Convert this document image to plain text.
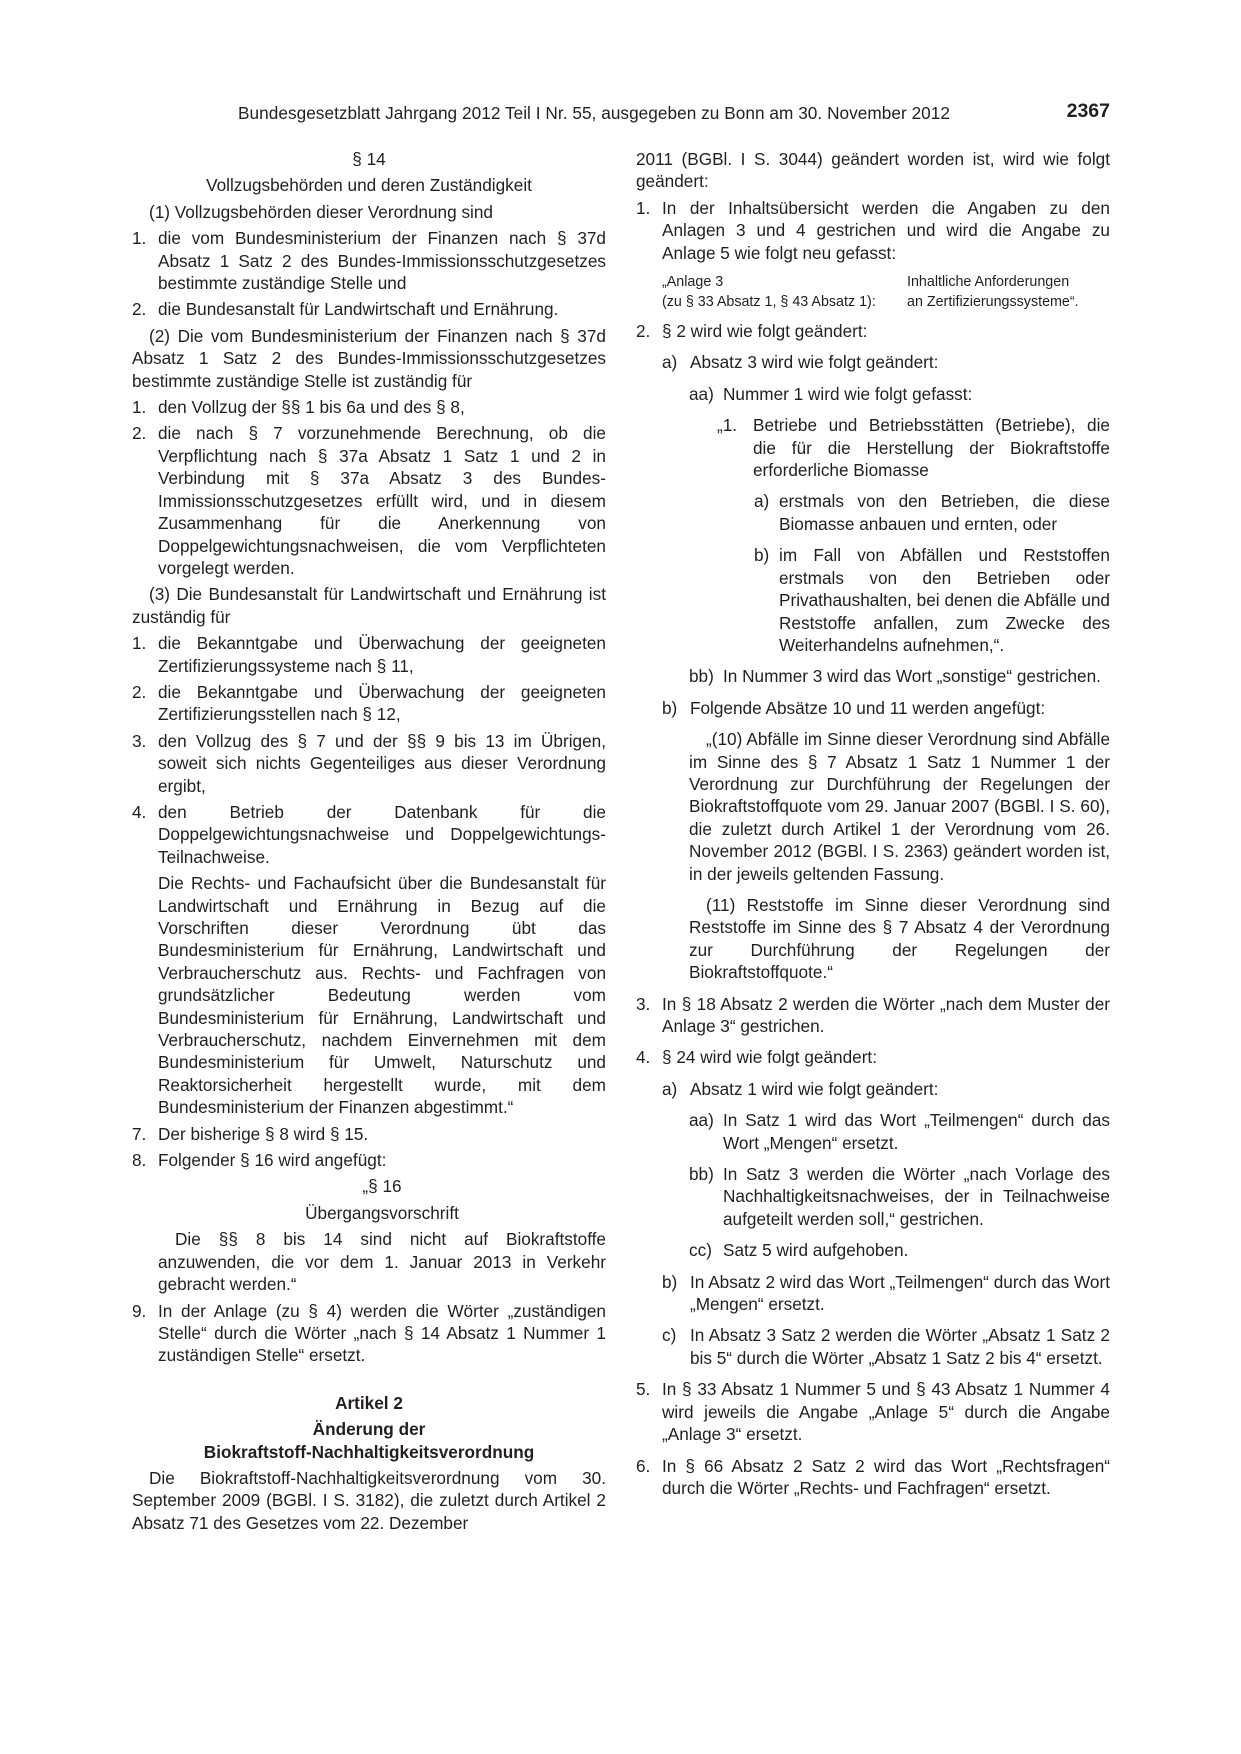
Bundesgesetzblatt Jahrgang 2012 Teil I Nr. 55, ausgegeben zu Bonn am 30. November 2012	2367

§ 14

Vollzugsbehörden und deren Zuständigkeit

(1) Vollzugsbehörden dieser Verordnung sind

1. die vom Bundesministerium der Finanzen nach § 37d Absatz 1 Satz 2 des Bundes-Immissionsschutzgesetzes bestimmte zuständige Stelle und
2. die Bundesanstalt für Landwirtschaft und Ernährung.

(2) Die vom Bundesministerium der Finanzen nach § 37d Absatz 1 Satz 2 des Bundes-Immissionsschutzgesetzes bestimmte zuständige Stelle ist zuständig für

1. den Vollzug der §§ 1 bis 6a und des § 8,
2. die nach § 7 vorzunehmende Berechnung, ob die Verpflichtung nach § 37a Absatz 1 Satz 1 und 2 in Verbindung mit § 37a Absatz 3 des Bundes-Immissionsschutzgesetzes erfüllt wird, und in diesem Zusammenhang für die Anerkennung von Doppelgewichtungsnachweisen, die vom Verpflichteten vorgelegt werden.

(3) Die Bundesanstalt für Landwirtschaft und Ernährung ist zuständig für

1. die Bekanntgabe und Überwachung der geeigneten Zertifizierungssysteme nach § 11,
2. die Bekanntgabe und Überwachung der geeigneten Zertifizierungsstellen nach § 12,
3. den Vollzug des § 7 und der §§ 9 bis 13 im Übrigen, soweit sich nichts Gegenteiliges aus dieser Verordnung ergibt,
4. den Betrieb der Datenbank für die Doppelgewichtungsnachweise und Doppelgewichtungs-Teilnachweise.

Die Rechts- und Fachaufsicht über die Bundesanstalt für Landwirtschaft und Ernährung in Bezug auf die Vorschriften dieser Verordnung übt das Bundesministerium für Ernährung, Landwirtschaft und Verbraucherschutz aus. Rechts- und Fachfragen von grundsätzlicher Bedeutung werden vom Bundesministerium für Ernährung, Landwirtschaft und Verbraucherschutz, nachdem Einvernehmen mit dem Bundesministerium für Umwelt, Naturschutz und Reaktorsicherheit hergestellt wurde, mit dem Bundesministerium der Finanzen abgestimmt.“

7. Der bisherige § 8 wird § 15.
8. Folgender § 16 wird angefügt:

„§ 16

Übergangsvorschrift

Die §§ 8 bis 14 sind nicht auf Biokraftstoffe anzuwenden, die vor dem 1. Januar 2013 in Verkehr gebracht werden.“

9. In der Anlage (zu § 4) werden die Wörter „zuständigen Stelle“ durch die Wörter „nach § 14 Absatz 1 Nummer 1 zuständigen Stelle“ ersetzt.

Artikel 2

Änderung der

Biokraftstoff-Nachhaltigkeitsverordnung

Die Biokraftstoff-Nachhaltigkeitsverordnung vom 30. September 2009 (BGBl. I S. 3182), die zuletzt durch Artikel 2 Absatz 71 des Gesetzes vom 22. Dezember

2011 (BGBl. I S. 3044) geändert worden ist, wird wie folgt geändert:

1. In der Inhaltsübersicht werden die Angaben zu den Anlagen 3 und 4 gestrichen und wird die Angabe zu Anlage 5 wie folgt neu gefasst:
„Anlage 3
(zu § 33 Absatz 1, § 43 Absatz 1):
Inhaltliche Anforderungen
an Zertifizierungssysteme“.
2. § 2 wird wie folgt geändert:
a) Absatz 3 wird wie folgt geändert:
aa) Nummer 1 wird wie folgt gefasst:
„1. Betriebe und Betriebsstätten (Betriebe), die die für die Herstellung der Biokraftstoffe erforderliche Biomasse
a) erstmals von den Betrieben, die diese Biomasse anbauen und ernten, oder
b) im Fall von Abfällen und Reststoffen erstmals von den Betrieben oder Privathaushalten, bei denen die Abfälle und Reststoffe anfallen, zum Zwecke des Weiterhandelns aufnehmen,“.
bb) In Nummer 3 wird das Wort „sonstige“ gestrichen.
b) Folgende Absätze 10 und 11 werden angefügt:

„(10) Abfälle im Sinne dieser Verordnung sind Abfälle im Sinne des § 7 Absatz 1 Satz 1 Nummer 1 der Verordnung zur Durchführung der Regelungen der Biokraftstoffquote vom 29. Januar 2007 (BGBl. I S. 60), die zuletzt durch Artikel 1 der Verordnung vom 26. November 2012 (BGBl. I S. 2363) geändert worden ist, in der jeweils geltenden Fassung.

(11) Reststoffe im Sinne dieser Verordnung sind Reststoffe im Sinne des § 7 Absatz 4 der Verordnung zur Durchführung der Regelungen der Biokraftstoffquote.“

3. In § 18 Absatz 2 werden die Wörter „nach dem Muster der Anlage 3“ gestrichen.
4. § 24 wird wie folgt geändert:
a) Absatz 1 wird wie folgt geändert:
aa) In Satz 1 wird das Wort „Teilmengen“ durch das Wort „Mengen“ ersetzt.
bb) In Satz 3 werden die Wörter „nach Vorlage des Nachhaltigkeitsnachweises, der in Teilnachweise aufgeteilt werden soll,“ gestrichen.
cc) Satz 5 wird aufgehoben.
b) In Absatz 2 wird das Wort „Teilmengen“ durch das Wort „Mengen“ ersetzt.
c) In Absatz 3 Satz 2 werden die Wörter „Absatz 1 Satz 2 bis 5“ durch die Wörter „Absatz 1 Satz 2 bis 4“ ersetzt.
5. In § 33 Absatz 1 Nummer 5 und § 43 Absatz 1 Nummer 4 wird jeweils die Angabe „Anlage 5“ durch die Angabe „Anlage 3“ ersetzt.
6. In § 66 Absatz 2 Satz 2 wird das Wort „Rechtsfragen“ durch die Wörter „Rechts- und Fachfragen“ ersetzt.
